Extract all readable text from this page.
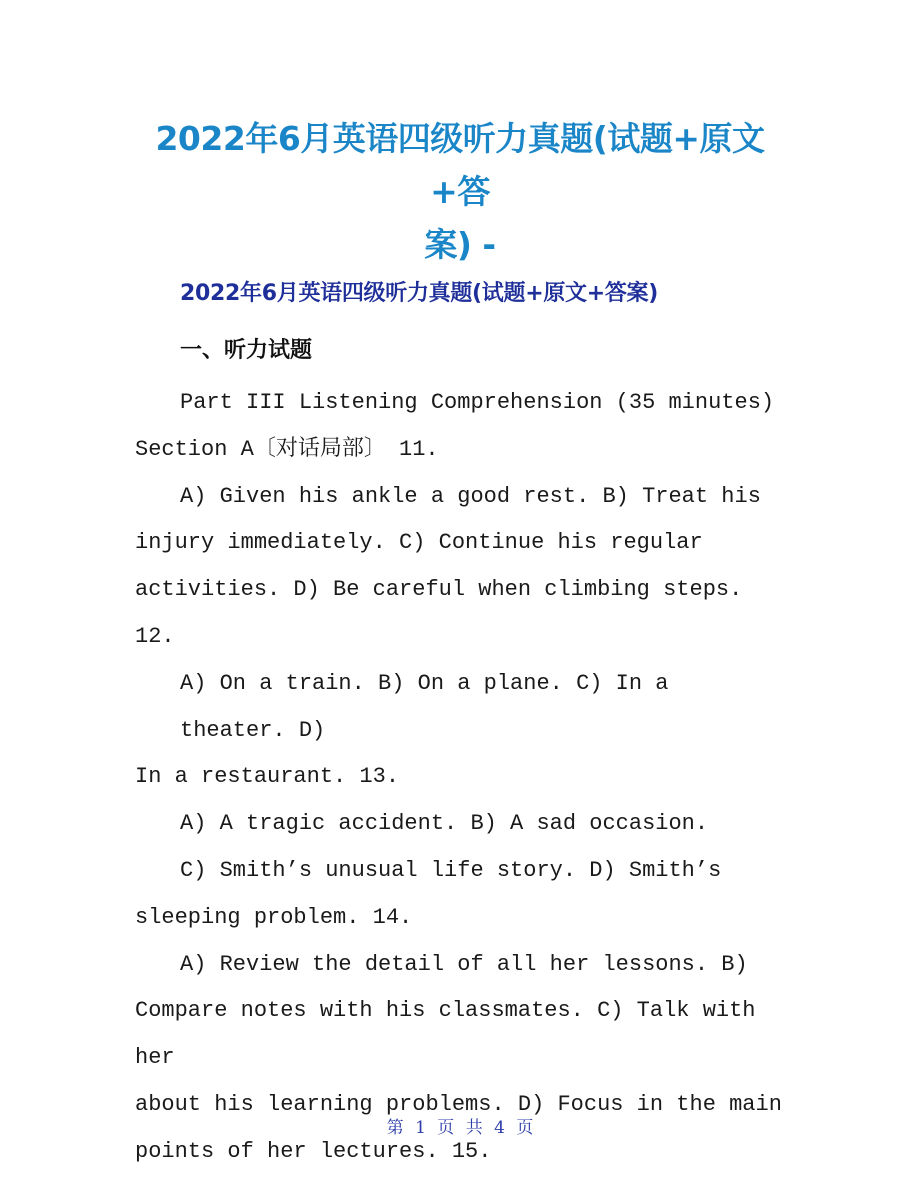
2022年6月英语四级听力真题(试题+原文+答
案) -
2022年6月英语四级听力真题(试题+原文+答案)
一、听力试题

Part III Listening Comprehension (35 minutes)

Section A〔对话局部〕 11.

A) Given his ankle a good rest. B) Treat his

injury immediately. C) Continue his regular

activities. D) Be careful when climbing steps. 12.

A) On a train. B) On a plane. C) In a theater. D)

In a restaurant. 13.

A) A tragic accident. B) A sad occasion.

C) Smith’s unusual life story. D) Smith’s

sleeping problem. 14.

A) Review the detail of all her lessons. B)

Compare notes with his classmates. C) Talk with her

about his learning problems. D) Focus in the main

points of her lectures. 15.

第 1 页 共 4 页
